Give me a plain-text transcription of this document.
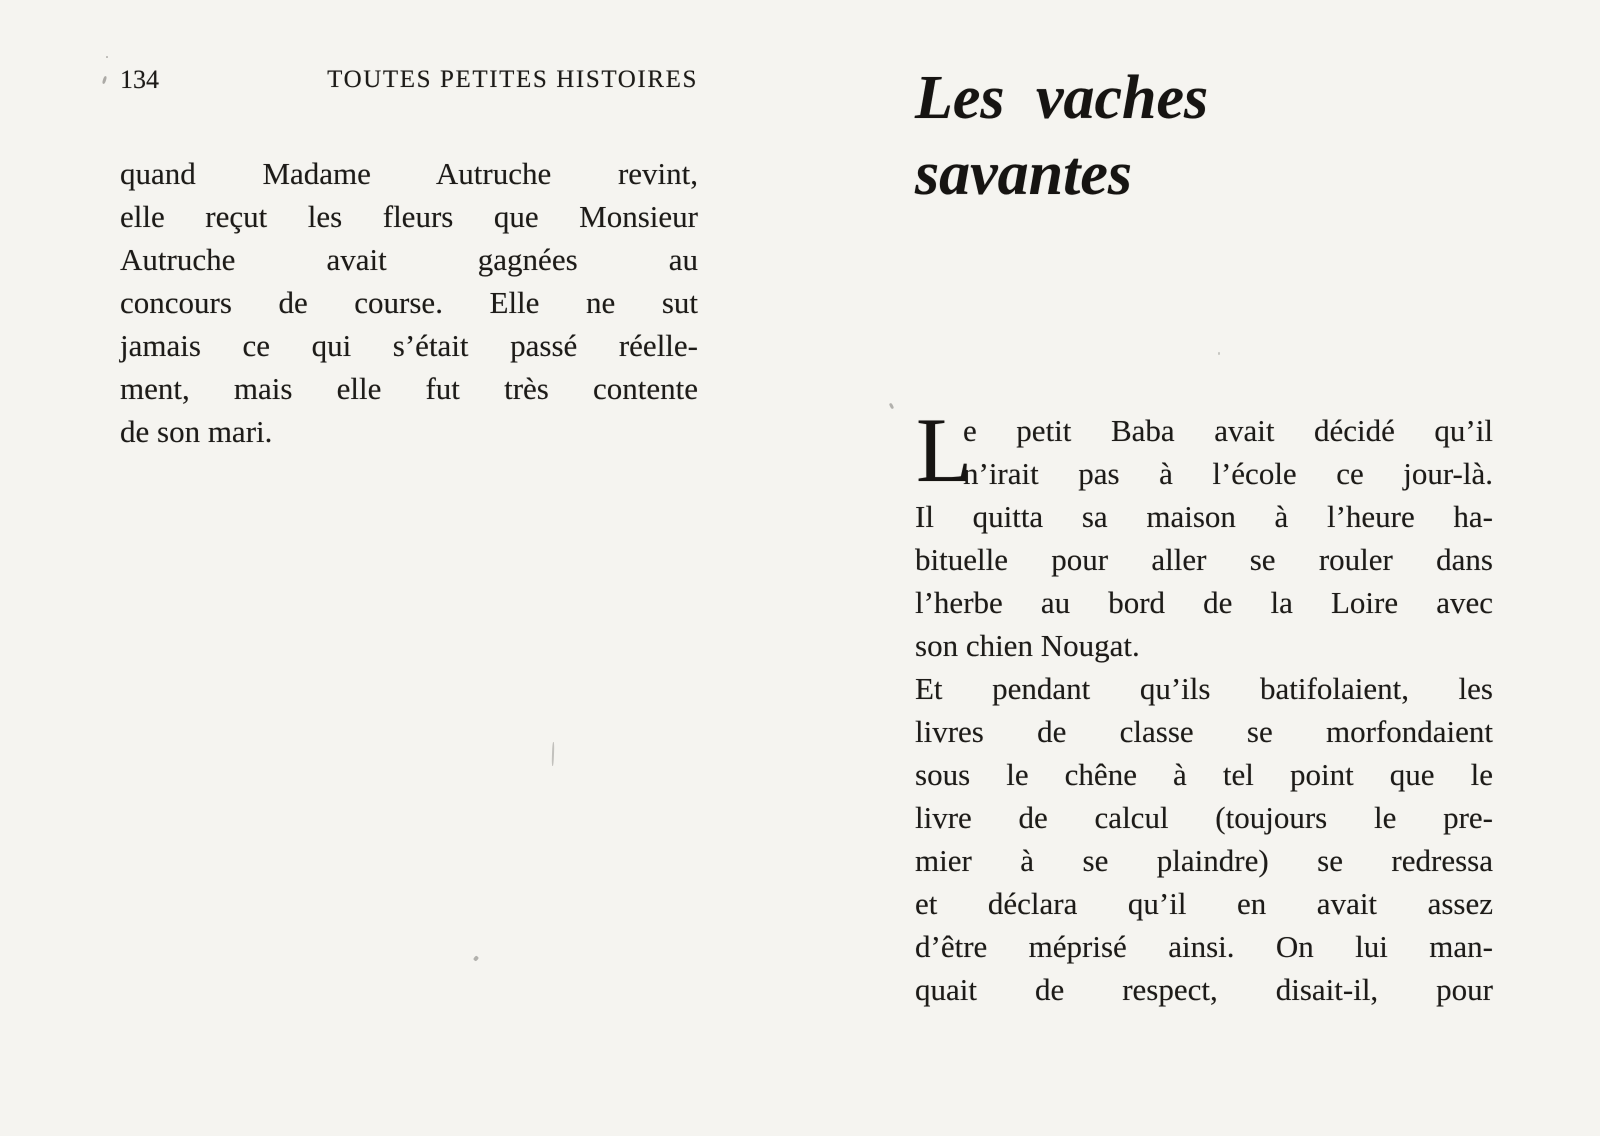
134	TOUTES PETITES HISTOIRES
quand Madame Autruche revint,
elle reçut les fleurs que Monsieur
Autruche avait gagnées au
concours de course. Elle ne sut
jamais ce qui s’était passé réelle-
ment, mais elle fut très contente
de son mari.
Les vaches
savantes
L
e petit Baba avait décidé qu’il
n’irait pas à l’école ce jour-là.
Il quitta sa maison à l’heure ha-
bituelle pour aller se rouler dans
l’herbe au bord de la Loire avec
son chien Nougat.
Et pendant qu’ils batifolaient, les
livres de classe se morfondaient
sous le chêne à tel point que le
livre de calcul (toujours le pre-
mier à se plaindre) se redressa
et déclara qu’il en avait assez
d’être méprisé ainsi. On lui man-
quait de respect, disait-il, pour
